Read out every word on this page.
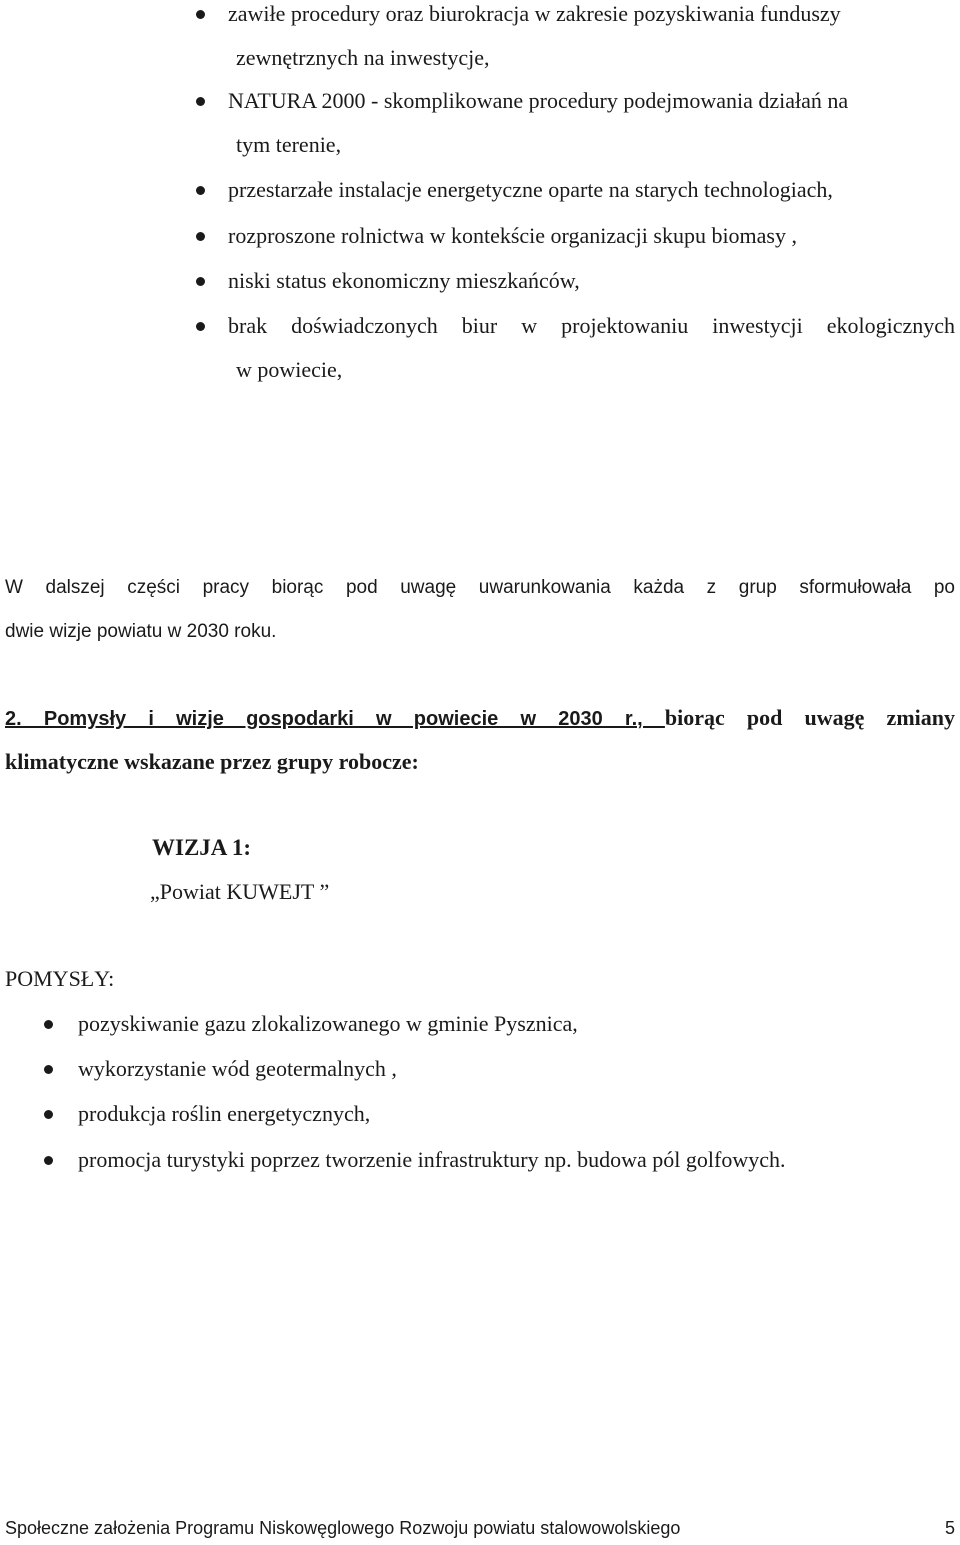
zawiłe procedury oraz biurokracja w zakresie pozyskiwania funduszy
zewnętrznych na inwestycje,
NATURA 2000 - skomplikowane procedury podejmowania działań na
tym terenie,
przestarzałe instalacje energetyczne oparte na starych technologiach,
rozproszone rolnictwa w kontekście organizacji skupu biomasy ,
niski status ekonomiczny mieszkańców,
brak doświadczonych biur w projektowaniu inwestycji ekologicznych
w powiecie,
W dalszej części pracy biorąc pod uwagę uwarunkowania każda z grup sformułowała po
dwie wizje powiatu w 2030 roku.
2. Pomysły i wizje gospodarki w powiecie w 2030 r., biorąc pod uwagę zmiany
klimatyczne wskazane przez grupy robocze:
WIZJA 1:
„Powiat KUWEJT ”
POMYSŁY:
pozyskiwanie gazu zlokalizowanego w gminie Pysznica,
wykorzystanie wód geotermalnych ,
produkcja roślin energetycznych,
promocja turystyki poprzez tworzenie infrastruktury np. budowa pól golfowych.
Społeczne założenia Programu Niskowęglowego Rozwoju powiatu stalowowolskiego	5
